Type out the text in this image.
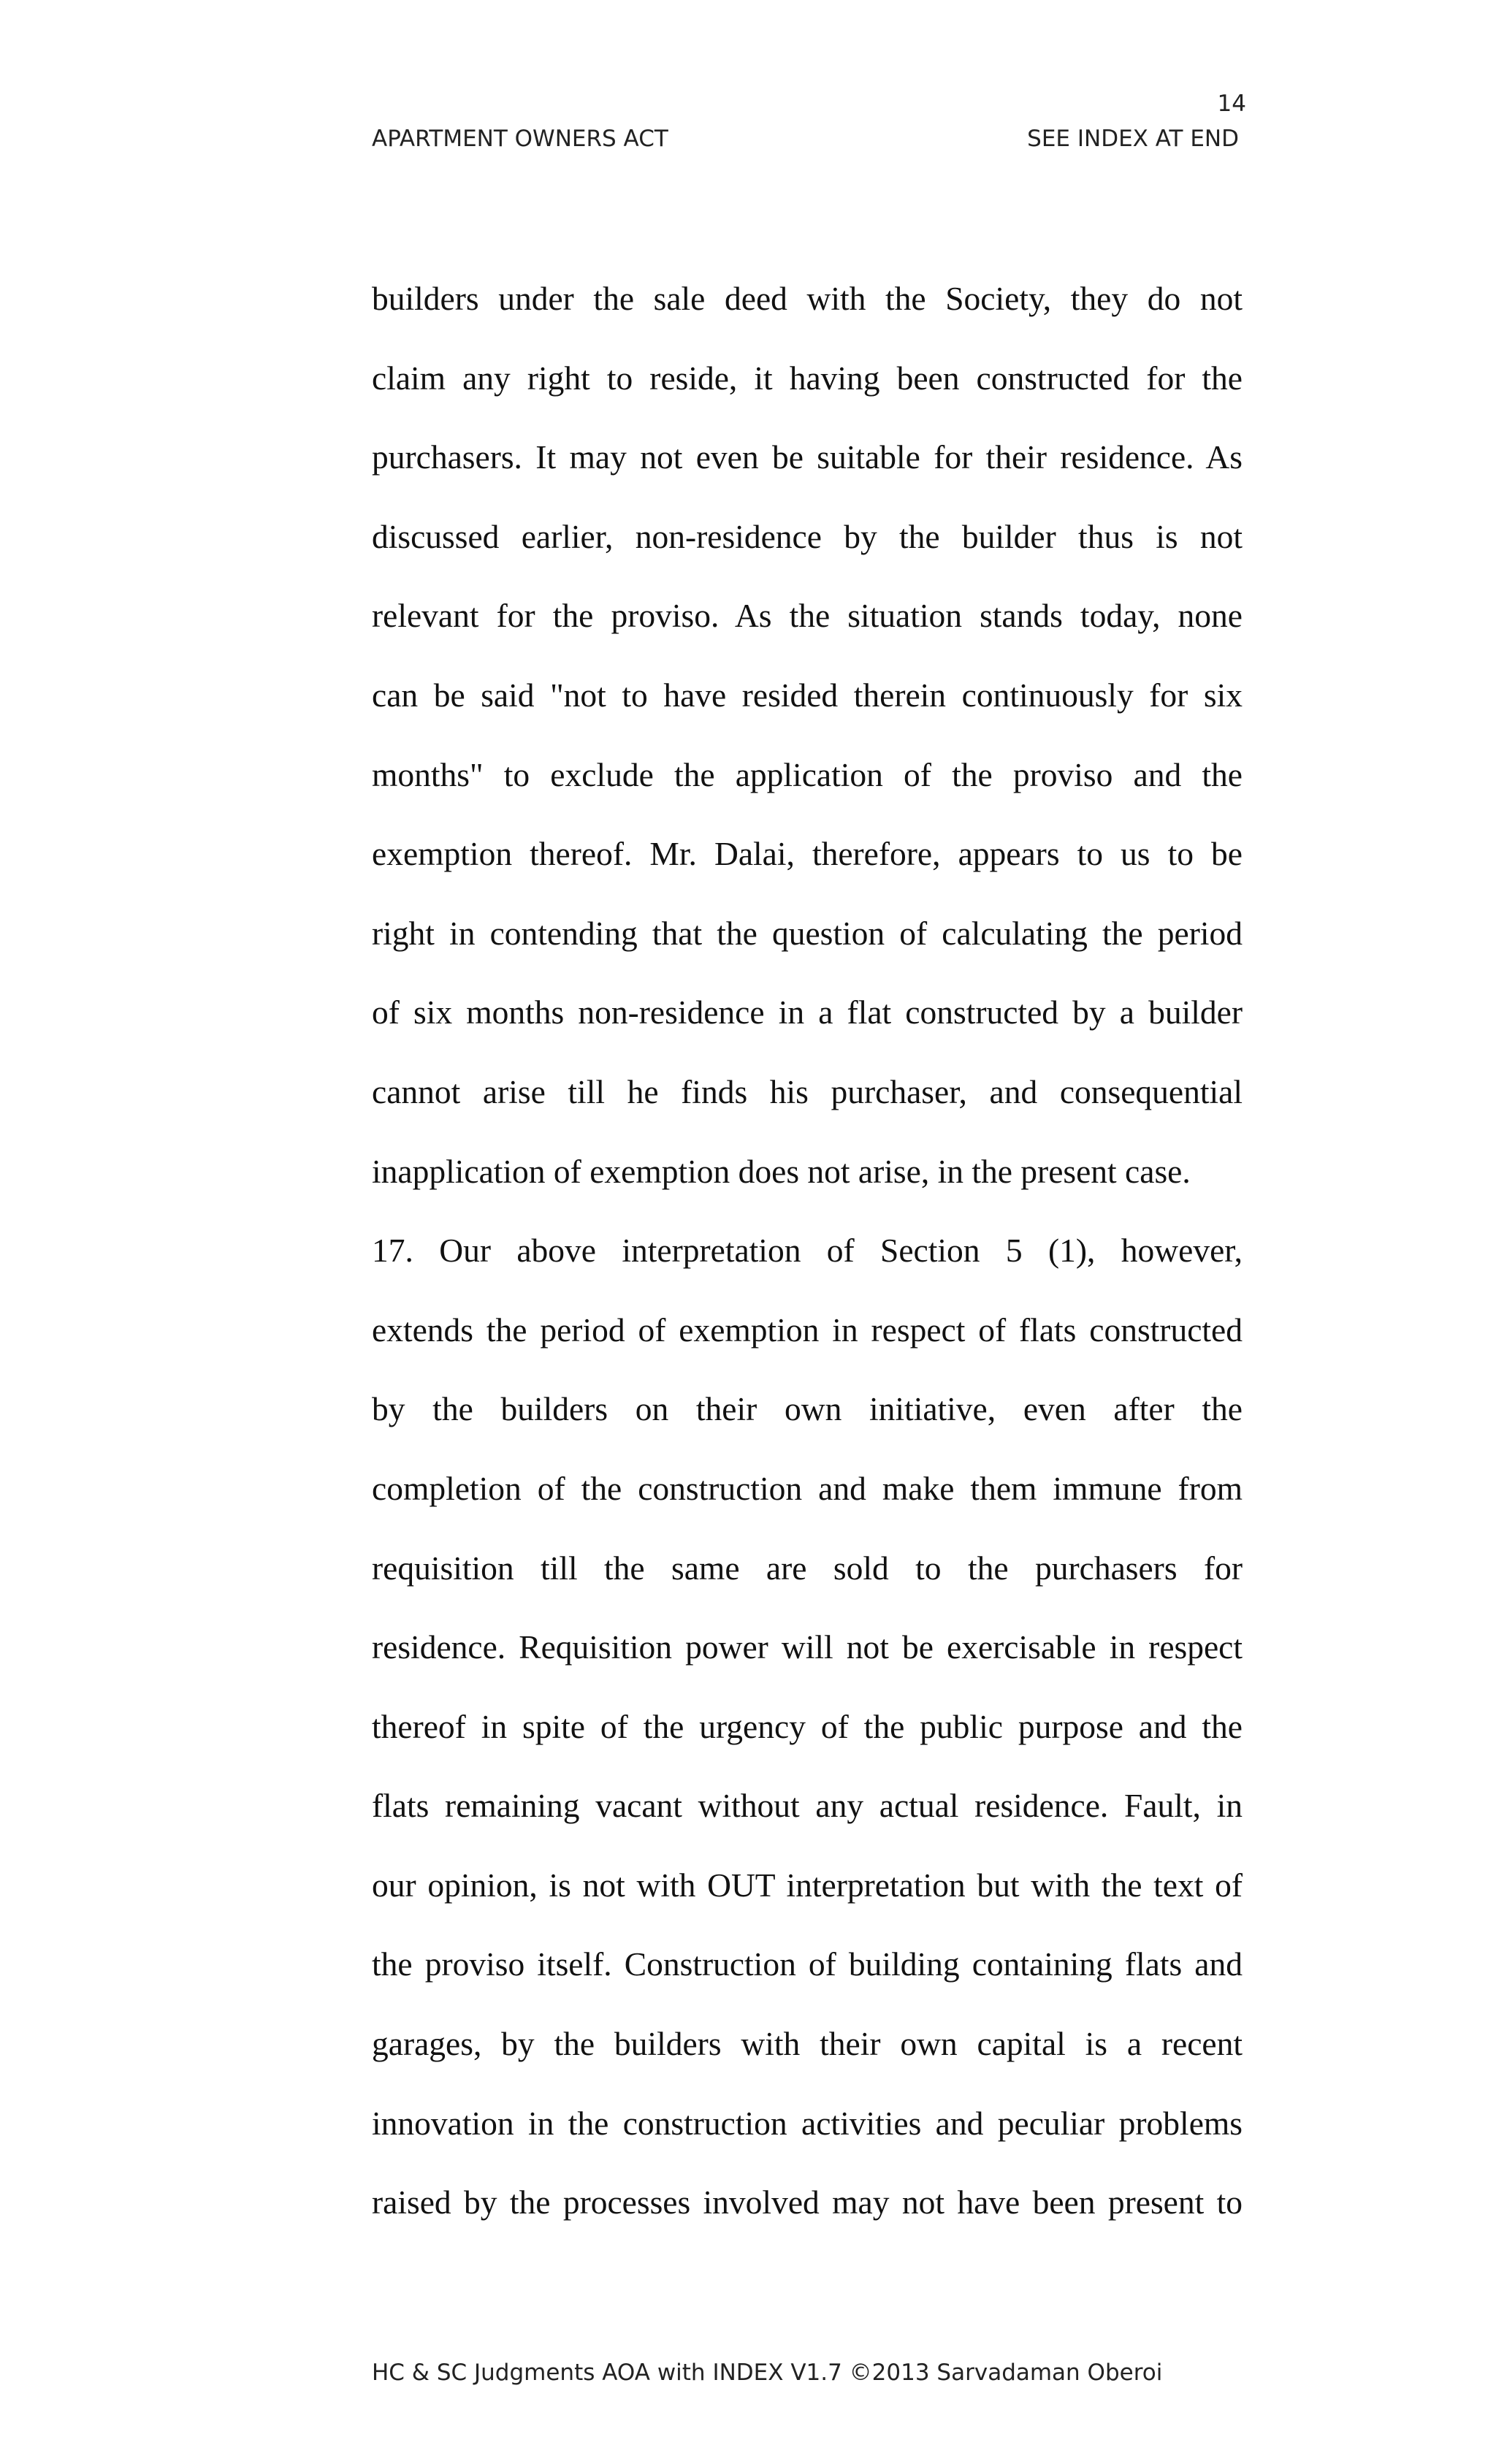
14
APARTMENT OWNERS ACT	SEE INDEX AT END
builders under the sale deed with the Society, they do not
claim any right to reside, it having been constructed for the
purchasers. It may not even be suitable for their residence. As
discussed earlier, non-residence by the builder thus is not
relevant for the proviso. As the situation stands today, none
can be said "not to have resided therein continuously for six
months" to exclude the application of the proviso and the
exemption thereof. Mr. Dalai, therefore, appears to us to be
right in contending that the question of calculating the period
of six months non-residence in a flat constructed by a builder
cannot arise till he finds his purchaser, and consequential
inapplication of exemption does not arise, in the present case.
17. Our above interpretation of Section 5 (1), however,
extends the period of exemption in respect of flats constructed
by the builders on their own initiative, even after the
completion of the construction and make them immune from
requisition till the same are sold to the purchasers for
residence. Requisition power will not be exercisable in respect
thereof in spite of the urgency of the public purpose and the
flats remaining vacant without any actual residence. Fault, in
our opinion, is not with OUT interpretation but with the text of
the proviso itself. Construction of building containing flats and
garages, by the builders with their own capital is a recent
innovation in the construction activities and peculiar problems
raised by the processes involved may not have been present to
HC & SC Judgments AOA with INDEX V1.7 ©2013 Sarvadaman Oberoi
